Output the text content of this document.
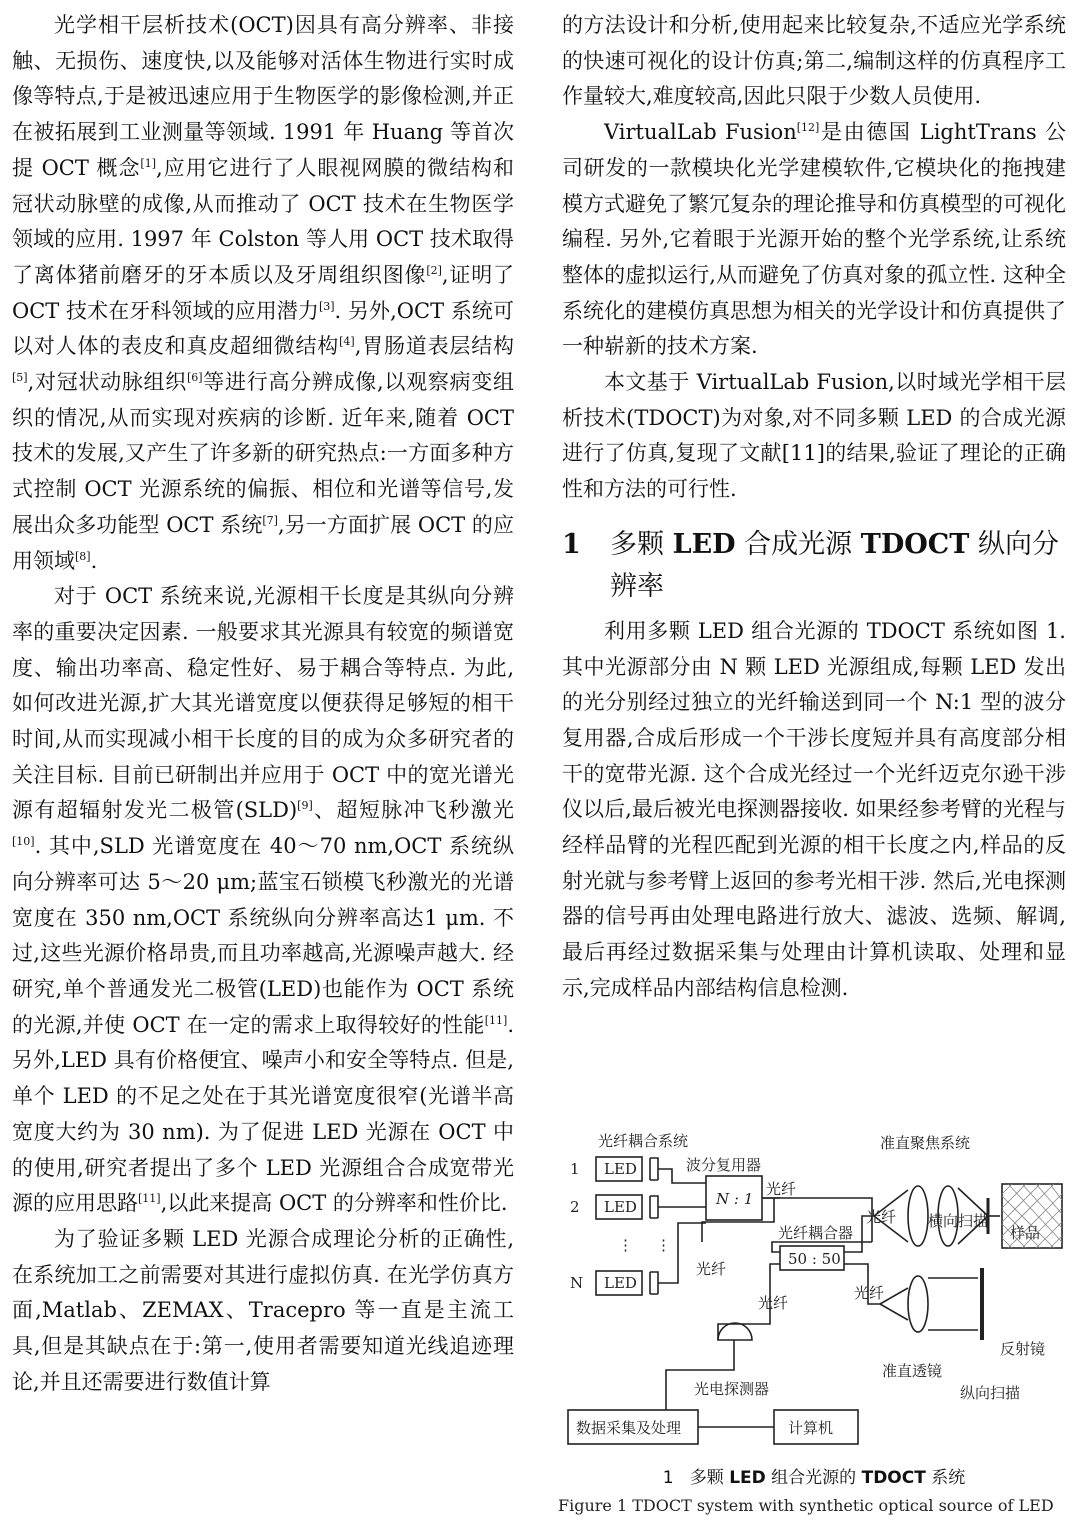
光学相干层析技术(OCT)因具有高分辨率、非接触、无损伤、速度快,以及能够对活体生物进行实时成像等特点,于是被迅速应用于生物医学的影像检测,并正在被拓展到工业测量等领域. 1991 年 Huang 等首次提 OCT 概念[1],应用它进行了人眼视网膜的微结构和冠状动脉壁的成像,从而推动了 OCT 技术在生物医学领域的应用. 1997 年 Colston 等人用 OCT 技术取得了离体猪前磨牙的牙本质以及牙周组织图像[2],证明了 OCT 技术在牙科领域的应用潜力[3]. 另外,OCT 系统可以对人体的表皮和真皮超细微结构[4],胃肠道表层结构[5],对冠状动脉组织[6]等进行高分辨成像,以观察病变组织的情况,从而实现对疾病的诊断. 近年来,随着 OCT 技术的发展,又产生了许多新的研究热点:一方面多种方式控制 OCT 光源系统的偏振、相位和光谱等信号,发展出众多功能型 OCT 系统[7],另一方面扩展 OCT 的应用领域[8].

对于 OCT 系统来说,光源相干长度是其纵向分辨率的重要决定因素. 一般要求其光源具有较宽的频谱宽度、输出功率高、稳定性好、易于耦合等特点. 为此,如何改进光源,扩大其光谱宽度以便获得足够短的相干时间,从而实现减小相干长度的目的成为众多研究者的关注目标. 目前已研制出并应用于 OCT 中的宽光谱光源有超辐射发光二极管(SLD)[9]、超短脉冲飞秒激光[10]. 其中,SLD 光谱宽度在 40～70 nm,OCT 系统纵向分辨率可达 5～20 μm;蓝宝石锁模飞秒激光的光谱宽度在 350 nm,OCT 系统纵向分辨率高达1 μm. 不过,这些光源价格昂贵,而且功率越高,光源噪声越大. 经研究,单个普通发光二极管(LED)也能作为 OCT 系统的光源,并使 OCT 在一定的需求上取得较好的性能[11]. 另外,LED 具有价格便宜、噪声小和安全等特点. 但是,单个 LED 的不足之处在于其光谱宽度很窄(光谱半高宽度大约为 30 nm). 为了促进 LED 光源在 OCT 中的使用,研究者提出了多个 LED 光源组合合成宽带光源的应用思路[11],以此来提高 OCT 的分辨率和性价比.

为了验证多颗 LED 光源合成理论分析的正确性,在系统加工之前需要对其进行虚拟仿真. 在光学仿真方面,Matlab、ZEMAX、Tracepro 等一直是主流工具,但是其缺点在于:第一,使用者需要知道光线追迹理论,并且还需要进行数值计算

的方法设计和分析,使用起来比较复杂,不适应光学系统的快速可视化的设计仿真;第二,编制这样的仿真程序工作量较大,难度较高,因此只限于少数人员使用.

VirtualLab Fusion[12]是由德国 LightTrans 公司研发的一款模块化光学建模软件,它模块化的拖拽建模方式避免了繁冗复杂的理论推导和仿真模型的可视化编程. 另外,它着眼于光源开始的整个光学系统,让系统整体的虚拟运行,从而避免了仿真对象的孤立性. 这种全系统化的建模仿真思想为相关的光学设计和仿真提供了一种崭新的技术方案.

本文基于 VirtualLab Fusion,以时域光学相干层析技术(TDOCT)为对象,对不同多颗 LED 的合成光源进行了仿真,复现了文献[11]的结果,验证了理论的正确性和方法的可行性.

1	多颗 LED 合成光源 TDOCT 纵向分辨率

利用多颗 LED 组合光源的 TDOCT 系统如图 1. 其中光源部分由 N 颗 LED 光源组成,每颗 LED 发出的光分别经过独立的光纤输送到同一个 N:1 型的波分复用器,合成后形成一个干涉长度短并具有高度部分相干的宽带光源. 这个合成光经过一个光纤迈克尔逊干涉仪以后,最后被光电探测器接收. 如果经参考臂的光程与经样品臂的光程匹配到光源的相干长度之内,样品的反射光就与参考臂上返回的参考光相干涉. 然后,光电探测器的信号再由处理电路进行放大、滤波、选频、解调,最后再经过数据采集与处理由计算机读取、处理和显示,完成样品内部结构信息检测.

光纤耦合系统
波分复用器
1
2
N
LED
LED
LED
⋮ ⋮
N : 1
光纤
准直聚焦系统
光纤 横向扫描
样品
光纤耦合器
50 : 50
光纤
光纤
光纤
反射镜
准直透镜
纵向扫描
光电探测器
数据采集及处理	计算机
1 多颗 LED 组合光源的 TDOCT 系统
Figure 1 TDOCT system with synthetic optical source of LED
